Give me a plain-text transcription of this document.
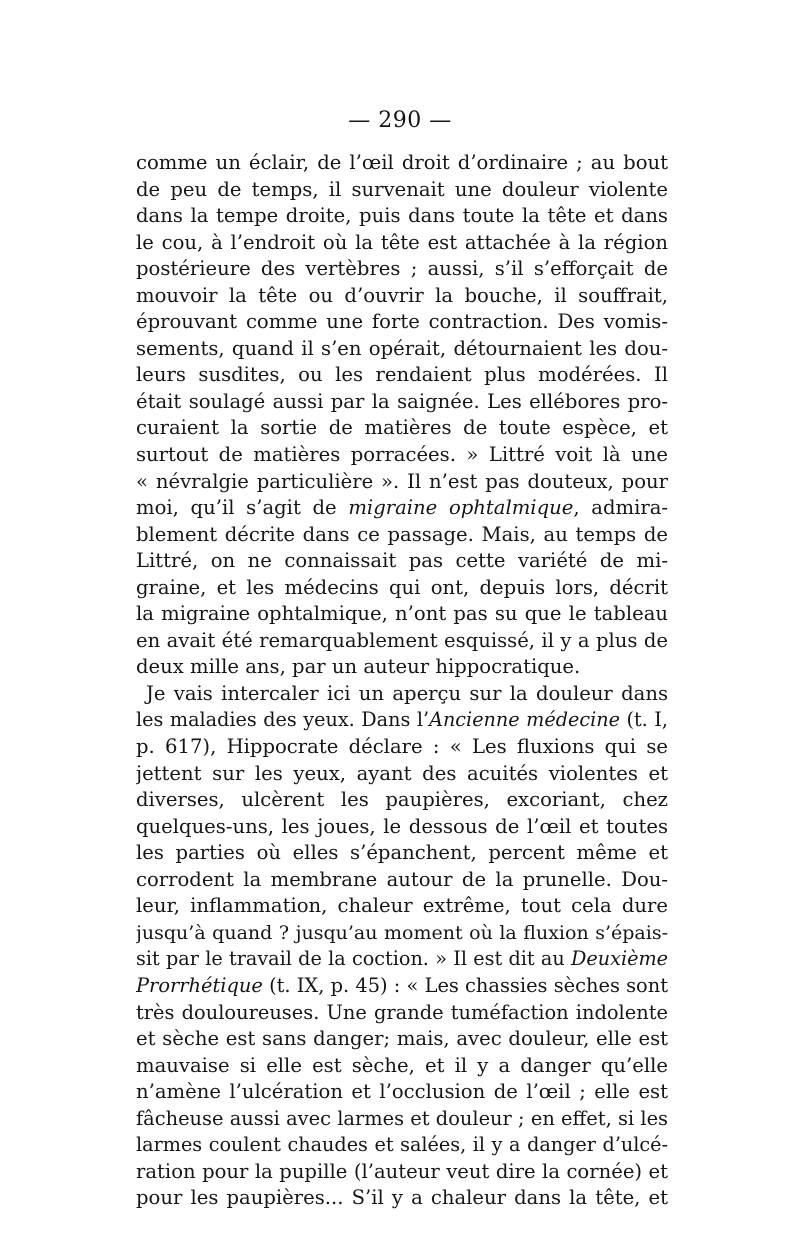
— 290 —
comme un éclair, de l’œil droit d’ordinaire ; au bout
de peu de temps, il survenait une douleur violente
dans la tempe droite, puis dans toute la tête et dans
le cou, à l’endroit où la tête est attachée à la région
postérieure des vertèbres ; aussi, s’il s’efforçait de
mouvoir la tête ou d’ouvrir la bouche, il souffrait,
éprouvant comme une forte contraction. Des vomis-
sements, quand il s’en opérait, détournaient les dou-
leurs susdites, ou les rendaient plus modérées. Il
était soulagé aussi par la saignée. Les ellébores pro-
curaient la sortie de matières de toute espèce, et
surtout de matières porracées. » Littré voit là une
« névralgie particulière ». Il n’est pas douteux, pour
moi, qu’il s’agit de migraine ophtalmique, admira-
blement décrite dans ce passage. Mais, au temps de
Littré, on ne connaissait pas cette variété de mi-
graine, et les médecins qui ont, depuis lors, décrit
la migraine ophtalmique, n’ont pas su que le tableau
en avait été remarquablement esquissé, il y a plus de
deux mille ans, par un auteur hippocratique.
Je vais intercaler ici un aperçu sur la douleur dans
les maladies des yeux. Dans l’Ancienne médecine (t. I,
p. 617), Hippocrate déclare : « Les fluxions qui se
jettent sur les yeux, ayant des acuités violentes et
diverses, ulcèrent les paupières, excoriant, chez
quelques-uns, les joues, le dessous de l’œil et toutes
les parties où elles s’épanchent, percent même et
corrodent la membrane autour de la prunelle. Dou-
leur, inflammation, chaleur extrême, tout cela dure
jusqu’à quand ? jusqu’au moment où la fluxion s’épais-
sit par le travail de la coction. » Il est dit au Deuxième
Prorrhétique (t. IX, p. 45) : « Les chassies sèches sont
très douloureuses. Une grande tuméfaction indolente
et sèche est sans danger; mais, avec douleur, elle est
mauvaise si elle est sèche, et il y a danger qu’elle
n’amène l’ulcération et l’occlusion de l’œil ; elle est
fâcheuse aussi avec larmes et douleur ; en effet, si les
larmes coulent chaudes et salées, il y a danger d’ulcé-
ration pour la pupille (l’auteur veut dire la cornée) et
pour les paupières... S’il y a chaleur dans la tête, et
